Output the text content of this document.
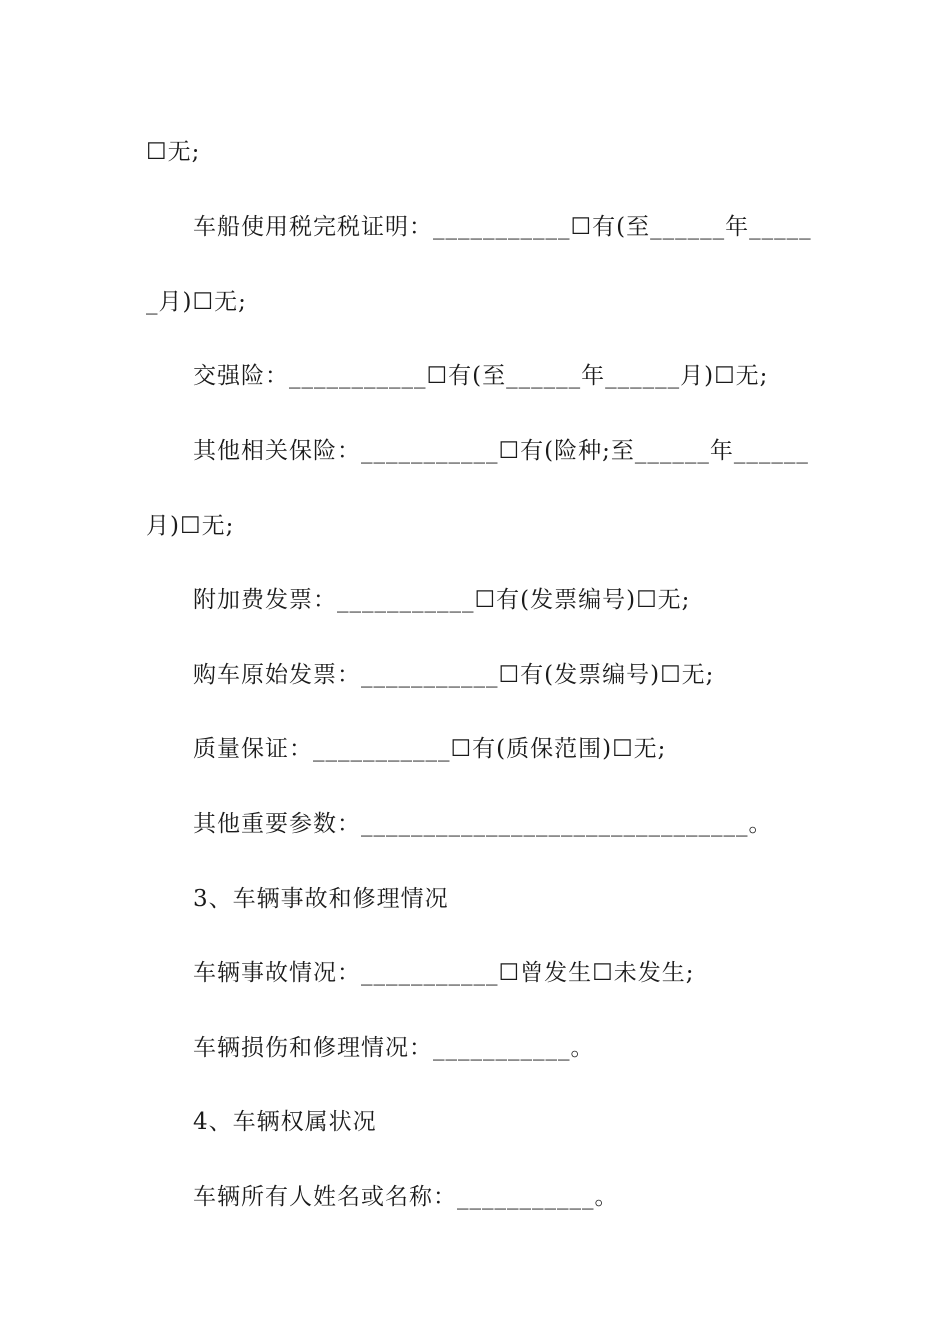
☐无;
车船使用税完税证明：___________☐有(至______年_____
_月)☐无;
交强险：___________☐有(至______年______月)☐无;
其他相关保险：___________☐有(险种;至______年______
月)☐无;
附加费发票：___________☐有(发票编号)☐无;
购车原始发票：___________☐有(发票编号)☐无;
质量保证：___________☐有(质保范围)☐无;
其他重要参数：_______________________________。
3、车辆事故和修理情况
车辆事故情况：___________☐曾发生☐未发生;
车辆损伤和修理情况：___________。
4、车辆权属状况
车辆所有人姓名或名称：___________。
